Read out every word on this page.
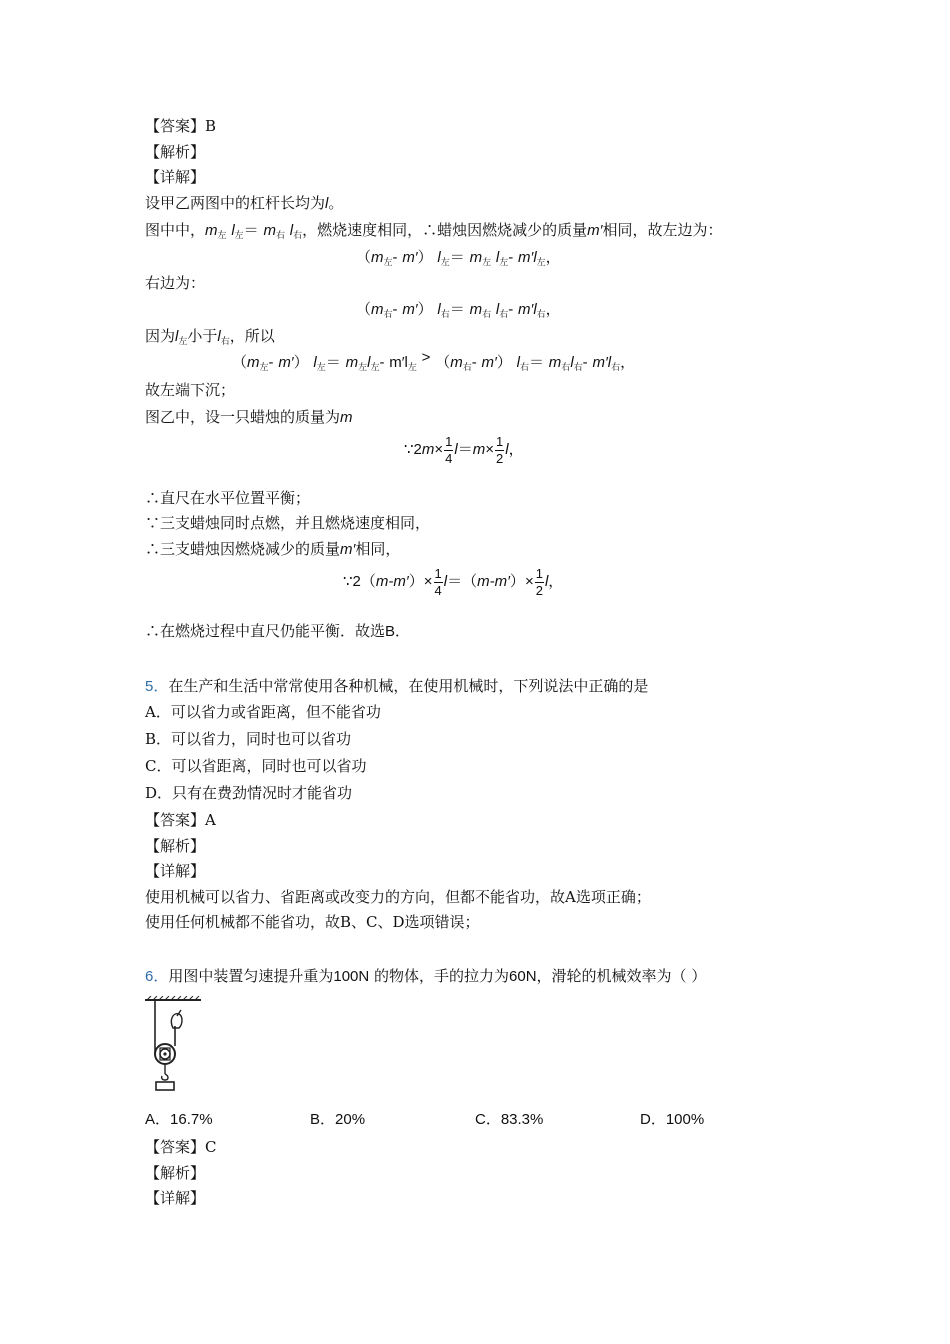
【答案】B
【解析】
【详解】
设甲乙两图中的杠杆长均为l。
图中中，$m_左$ $l_左= m_右$ $l_右$，燃烧速度相同，∴蜡烛因燃烧减少的质量m′相同，故左边为：
（$m_左-$ m′） $l_左= m_左$ $l_左-$ $m'l_左$，
右边为：
（$m_右-$ m′） $l_右= m_右$ $l_右-$ $m'l_右$，
因为$l_左$小于$l_右$，所以
（$m_左-$ m′） $l_左= m_左l_左-$ $m'l_左 > (m_右-$ m′） $l_右= m_右l_右-$ $m'l_右$，
故左端下沉；
图乙中，设一只蜡烛的质量为m
∵2m× $\frac{1}{4} l=m\times \frac{1}{2}$ l，
∴直尺在水平位置平衡；
∵三支蜡烛同时点燃，并且燃烧速度相同，
∴三支蜡烛因燃烧减少的质量m′相同，
∵2（m-m′）× $\frac{1}{4} l=(m-m')\times \frac{1}{2}$ l，
∴在燃烧过程中直尺仍能平衡．故选B．
5．在生产和生活中常常使用各种机械，在使用机械时，下列说法中正确的是
A．可以省力或省距离，但不能省功
B．可以省力，同时也可以省功
C．可以省距离，同时也可以省功
D．只有在费劲情况时才能省功
【答案】A
【解析】
【详解】
使用机械可以省力、省距离或改变力的方向，但都不能省功，故A选项正确；
使用任何机械都不能省功，故B、C、D选项错误；
6．用图中装置匀速提升重为100N 的物体，手的拉力为60N，滑轮的机械效率为（ ）
A．16.7%	B．20%	C．83.3%	D．100%
【答案】C
【解析】
【详解】
